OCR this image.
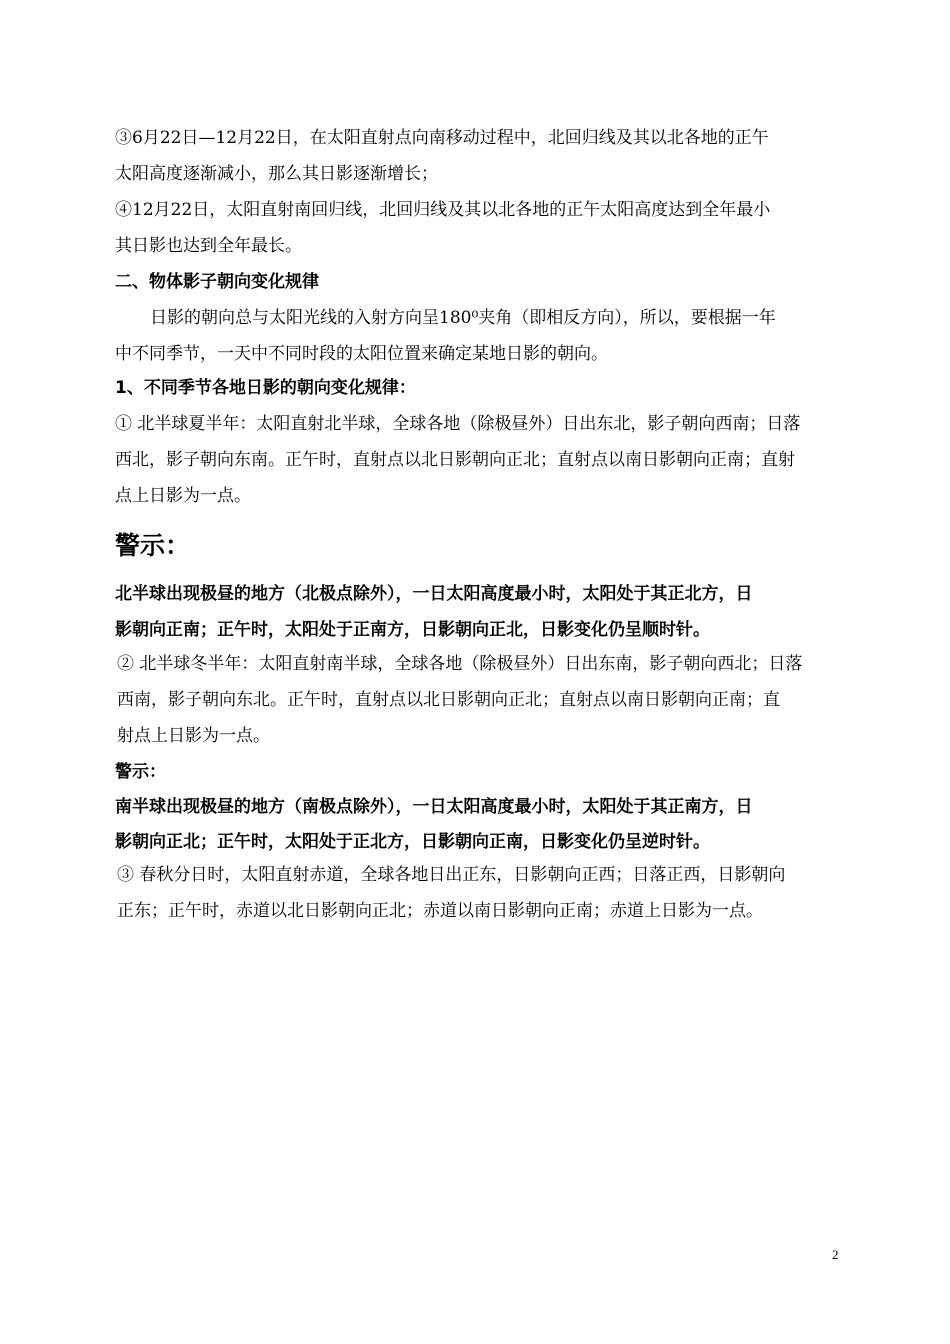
③6月22日—12月22日，在太阳直射点向南移动过程中，北回归线及其以北各地的正午
太阳高度逐渐减小，那么其日影逐渐增长；
④12月22日，太阳直射南回归线，北回归线及其以北各地的正午太阳高度达到全年最小
其日影也达到全年最长。
二、物体影子朝向变化规律
日影的朝向总与太阳光线的入射方向呈180⁰夹角（即相反方向），所以，要根据一年
中不同季节，一天中不同时段的太阳位置来确定某地日影的朝向。
1、不同季节各地日影的朝向变化规律：
① 北半球夏半年：太阳直射北半球，全球各地（除极昼外）日出东北，影子朝向西南；日落
西北，影子朝向东南。正午时，直射点以北日影朝向正北；直射点以南日影朝向正南；直射
点上日影为一点。
警示：
北半球出现极昼的地方（北极点除外），一日太阳高度最小时，太阳处于其正北方，日
影朝向正南；正午时，太阳处于正南方，日影朝向正北，日影变化仍呈顺时针。
② 北半球冬半年：太阳直射南半球，全球各地（除极昼外）日出东南，影子朝向西北；日落
西南，影子朝向东北。正午时，直射点以北日影朝向正北；直射点以南日影朝向正南；直
射点上日影为一点。
警示：
南半球出现极昼的地方（南极点除外），一日太阳高度最小时，太阳处于其正南方，日
影朝向正北；正午时，太阳处于正北方，日影朝向正南，日影变化仍呈逆时针。
③ 春秋分日时，太阳直射赤道，全球各地日出正东，日影朝向正西；日落正西，日影朝向
正东；正午时，赤道以北日影朝向正北；赤道以南日影朝向正南；赤道上日影为一点。
2
